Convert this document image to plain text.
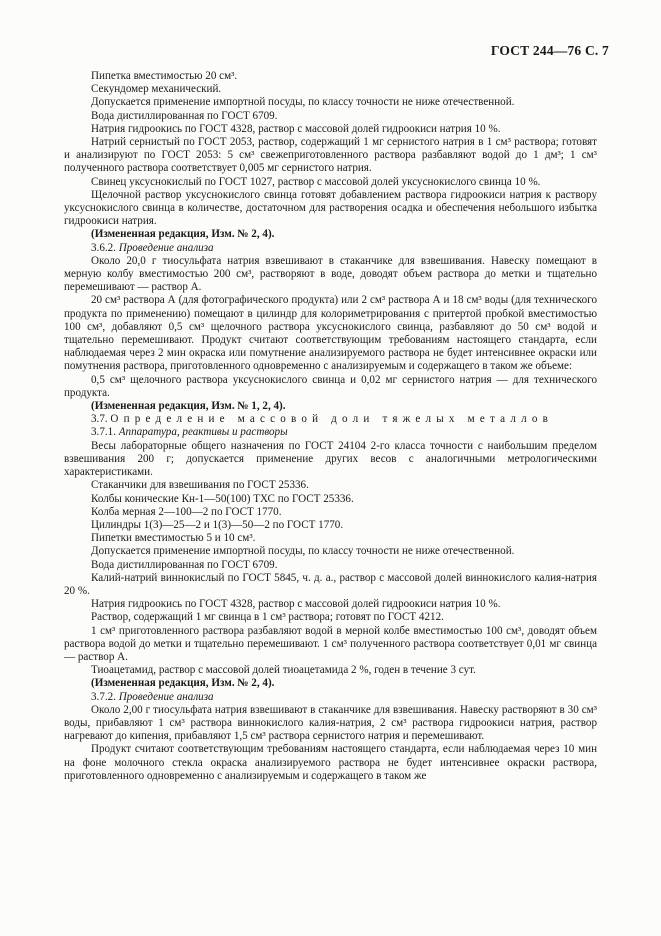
ГОСТ 244—76 С. 7

Пипетка вместимостью 20 см³.

Секундомер механический.

Допускается применение импортной посуды, по классу точности не ниже отечественной.

Вода дистиллированная по ГОСТ 6709.

Натрия гидроокись по ГОСТ 4328, раствор с массовой долей гидроокиси натрия 10 %.

Натрий сернистый по ГОСТ 2053, раствор, содержащий 1 мг сернистого натрия в 1 см³ раствора; готовят и анализируют по ГОСТ 2053: 5 см³ свежеприготовленного раствора разбавляют водой до 1 дм³; 1 см³ полученного раствора соответствует 0,005 мг сернистого натрия.

Свинец уксуснокислый по ГОСТ 1027, раствор с массовой долей уксуснокислого свинца 10 %.

Щелочной раствор уксуснокислого свинца готовят добавлением раствора гидроокиси натрия к раствору уксуснокислого свинца в количестве, достаточном для растворения осадка и обеспечения небольшого избытка гидроокиси натрия.

(Измененная редакция, Изм. № 2, 4).

3.6.2. Проведение анализа

Около 20,0 г тиосульфата натрия взвешивают в стаканчике для взвешивания. Навеску помещают в мерную колбу вместимостью 200 см³, растворяют в воде, доводят объем раствора до метки и тщательно перемешивают — раствор А.

20 см³ раствора А (для фотографического продукта) или 2 см³ раствора А и 18 см³ воды (для технического продукта по применению) помещают в цилиндр для колориметрирования с притертой пробкой вместимостью 100 см³, добавляют 0,5 см³ щелочного раствора уксуснокислого свинца, разбавляют до 50 см³ водой и тщательно перемешивают. Продукт считают соответствующим требованиям настоящего стандарта, если наблюдаемая через 2 мин окраска или помутнение анализируемого раствора не будет интенсивнее окраски или помутнения раствора, приготовленного одновременно с анализируемым и содержащего в таком же объеме:

0,5 см³ щелочного раствора уксуснокислого свинца и 0,02 мг сернистого натрия — для технического продукта.

(Измененная редакция, Изм. № 1, 2, 4).

3.7. Определение массовой доли тяжелых металлов

3.7.1. Аппаратура, реактивы и растворы

Весы лабораторные общего назначения по ГОСТ 24104 2-го класса точности с наибольшим пределом взвешивания 200 г; допускается применение других весов с аналогичными метрологическими характеристиками.

Стаканчики для взвешивания по ГОСТ 25336.

Колбы конические Кн-1—50(100) ТХС по ГОСТ 25336.

Колба мерная 2—100—2 по ГОСТ 1770.

Цилиндры 1(3)—25—2 и 1(3)—50—2 по ГОСТ 1770.

Пипетки вместимостью 5 и 10 см³.

Допускается применение импортной посуды, по классу точности не ниже отечественной.

Вода дистиллированная по ГОСТ 6709.

Калий-натрий виннокислый по ГОСТ 5845, ч. д. а., раствор с массовой долей виннокислого калия-натрия 20 %.

Натрия гидроокись по ГОСТ 4328, раствор с массовой долей гидроокиси натрия 10 %.

Раствор, содержащий 1 мг свинца в 1 см³ раствора; готовят по ГОСТ 4212.

1 см³ приготовленного раствора разбавляют водой в мерной колбе вместимостью 100 см³, доводят объем раствора водой до метки и тщательно перемешивают. 1 см³ полученного раствора соответствует 0,01 мг свинца — раствор А.

Тиоацетамид, раствор с массовой долей тиоацетамида 2 %, годен в течение 3 сут.

(Измененная редакция, Изм. № 2, 4).

3.7.2. Проведение анализа

Около 2,00 г тиосульфата натрия взвешивают в стаканчике для взвешивания. Навеску растворяют в 30 см³ воды, прибавляют 1 см³ раствора виннокислого калия-натрия, 2 см³ раствора гидроокиси натрия, раствор нагревают до кипения, прибавляют 1,5 см³ раствора сернистого натрия и перемешивают.

Продукт считают соответствующим требованиям настоящего стандарта, если наблюдаемая через 10 мин на фоне молочного стекла окраска анализируемого раствора не будет интенсивнее окраски раствора, приготовленного одновременно с анализируемым и содержащего в таком же
